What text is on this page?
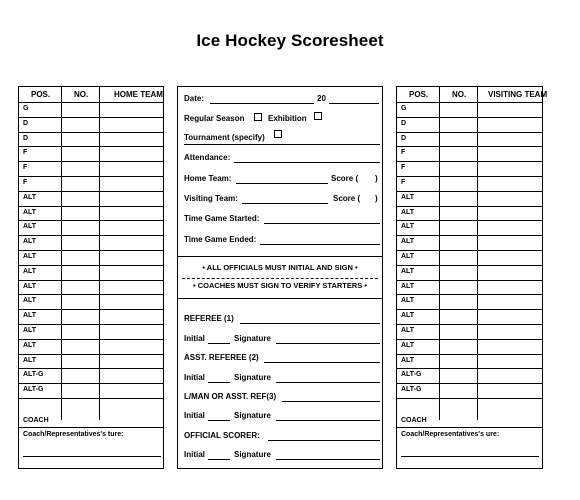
Ice Hockey Scoresheet
POS.	NO.	HOME TEAM
G
D
D
F
F
F
ALT
ALT
ALT
ALT
ALT
ALT
ALT
ALT
ALT
ALT
ALT
ALT
ALT-G
ALT-G
COACH
Coach/Representatives's ture:
POS.	NO.	VISITING TEAM
G
D
D
F
F
F
ALT
ALT
ALT
ALT
ALT
ALT
ALT
ALT
ALT
ALT
ALT
ALT
ALT-G
ALT-G
COACH
Coach/Representatives's ure:
Date:	20
Regular Season	Exhibition
Tournament (specify)
Attendance:
Home Team:	Score ( )
Visiting Team:	Score ( )
Time Game Started:
Time Game Ended:
• ALL OFFICIALS MUST INITIAL AND SIGN •
• COACHES MUST SIGN TO VERIFY STARTERS •
REFEREE (1)
Initial	Signature
ASST. REFEREE (2)
Initial	Signature
L/MAN OR ASST. REF(3)
Initial	Signature
OFFICIAL SCORER:
Initial	Signature
